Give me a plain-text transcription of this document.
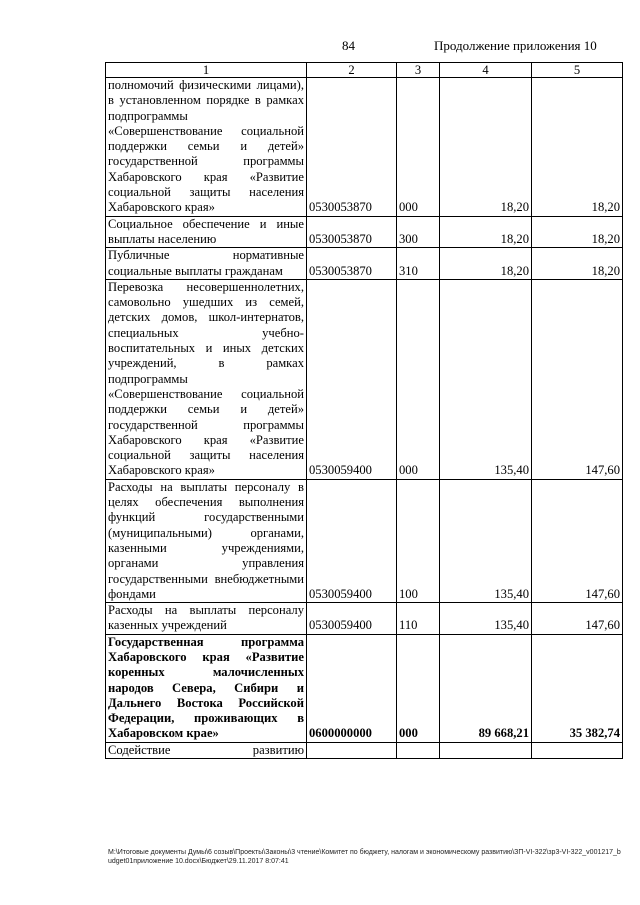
84	Продолжение приложения 10
1	2	3	4	5
полномочий физическими лицами), в установленном порядке в рамках подпрограммы «Совершенствование социальной поддержки семьи и детей» государственной программы Хабаровского края «Развитие социальной защиты населения Хабаровского края»	0530053870	000	18,20	18,20
Социальное обеспечение и иные выплаты населению	0530053870	300	18,20	18,20
Публичные нормативные социальные выплаты гражданам	0530053870	310	18,20	18,20
Перевозка несовершеннолетних, самовольно ушедших из семей, детских домов, школ-интернатов, специальных учебно-воспитательных и иных детских учреждений, в рамках подпрограммы «Совершенствование социальной поддержки семьи и детей» государственной программы Хабаровского края «Развитие социальной защиты населения Хабаровского края»	0530059400	000	135,40	147,60
Расходы на выплаты персоналу в целях обеспечения выполнения функций государственными (муниципальными) органами, казенными учреждениями, органами управления государственными внебюджетными фондами	0530059400	100	135,40	147,60
Расходы на выплаты персоналу казенных учреждений	0530059400	110	135,40	147,60
Государственная программа Хабаровского края «Развитие коренных малочисленных народов Севера, Сибири и Дальнего Востока Российской Федерации, проживающих в Хабаровском крае»	0600000000	000	89 668,21	35 382,74
Содействие развитию				
M:\Итоговые документы Думы\6 созыв\Проекты\Законы\3 чтение\Комитет по бюджету, налогам и экономическому развитию\ЗП-VI-322\зр3-VI-322_v001217_budget01приложение 10.docx\Бюджет\29.11.2017 8:07:41
